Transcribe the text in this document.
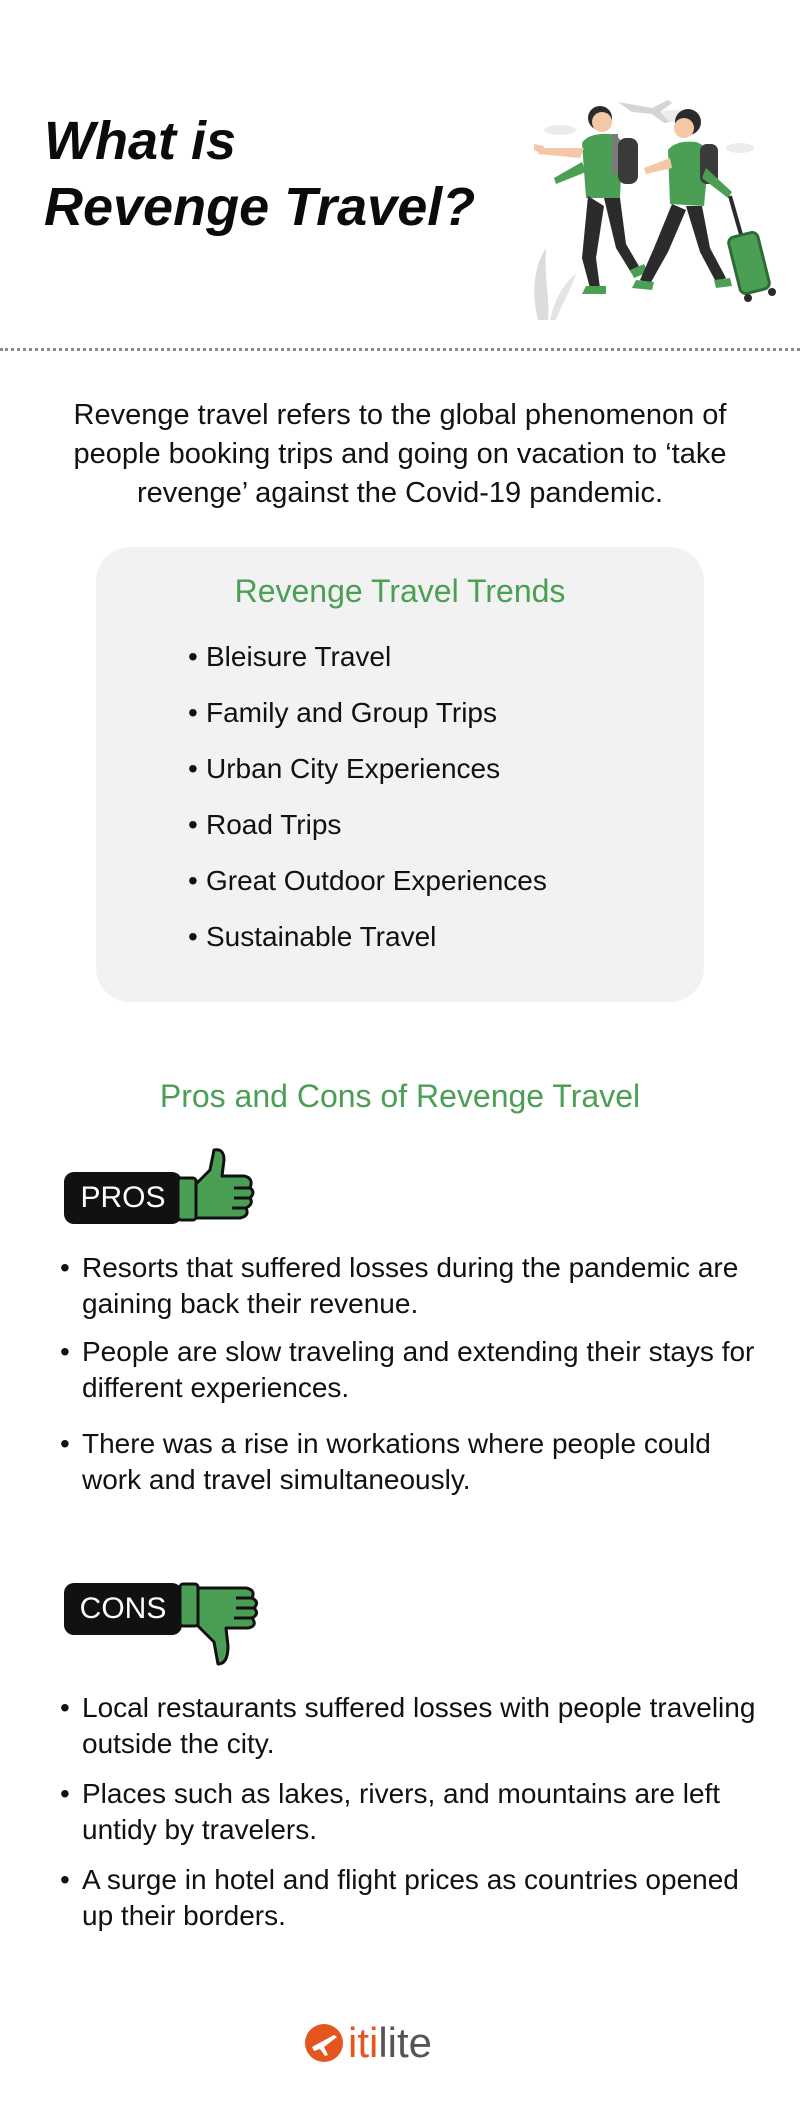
What is
Revenge Travel?

Revenge travel refers to the global phenomenon of people booking trips and going on vacation to ‘take revenge’ against the Covid-19 pandemic.

Revenge Travel Trends
• Bleisure Travel
• Family and Group Trips
• Urban City Experiences
• Road Trips
• Great Outdoor Experiences
• Sustainable Travel
Pros and Cons of Revenge Travel
PROS
• Resorts that suffered losses during the pandemic are gaining back their revenue.
• People are slow traveling and extending their stays for different experiences.
• There was a rise in workations where people could work and travel simultaneously.
CONS
• Local restaurants suffered losses with people traveling outside the city.
• Places such as lakes, rivers, and mountains are left untidy by travelers.
• A surge in hotel and flight prices as countries opened up their borders.
itilite
